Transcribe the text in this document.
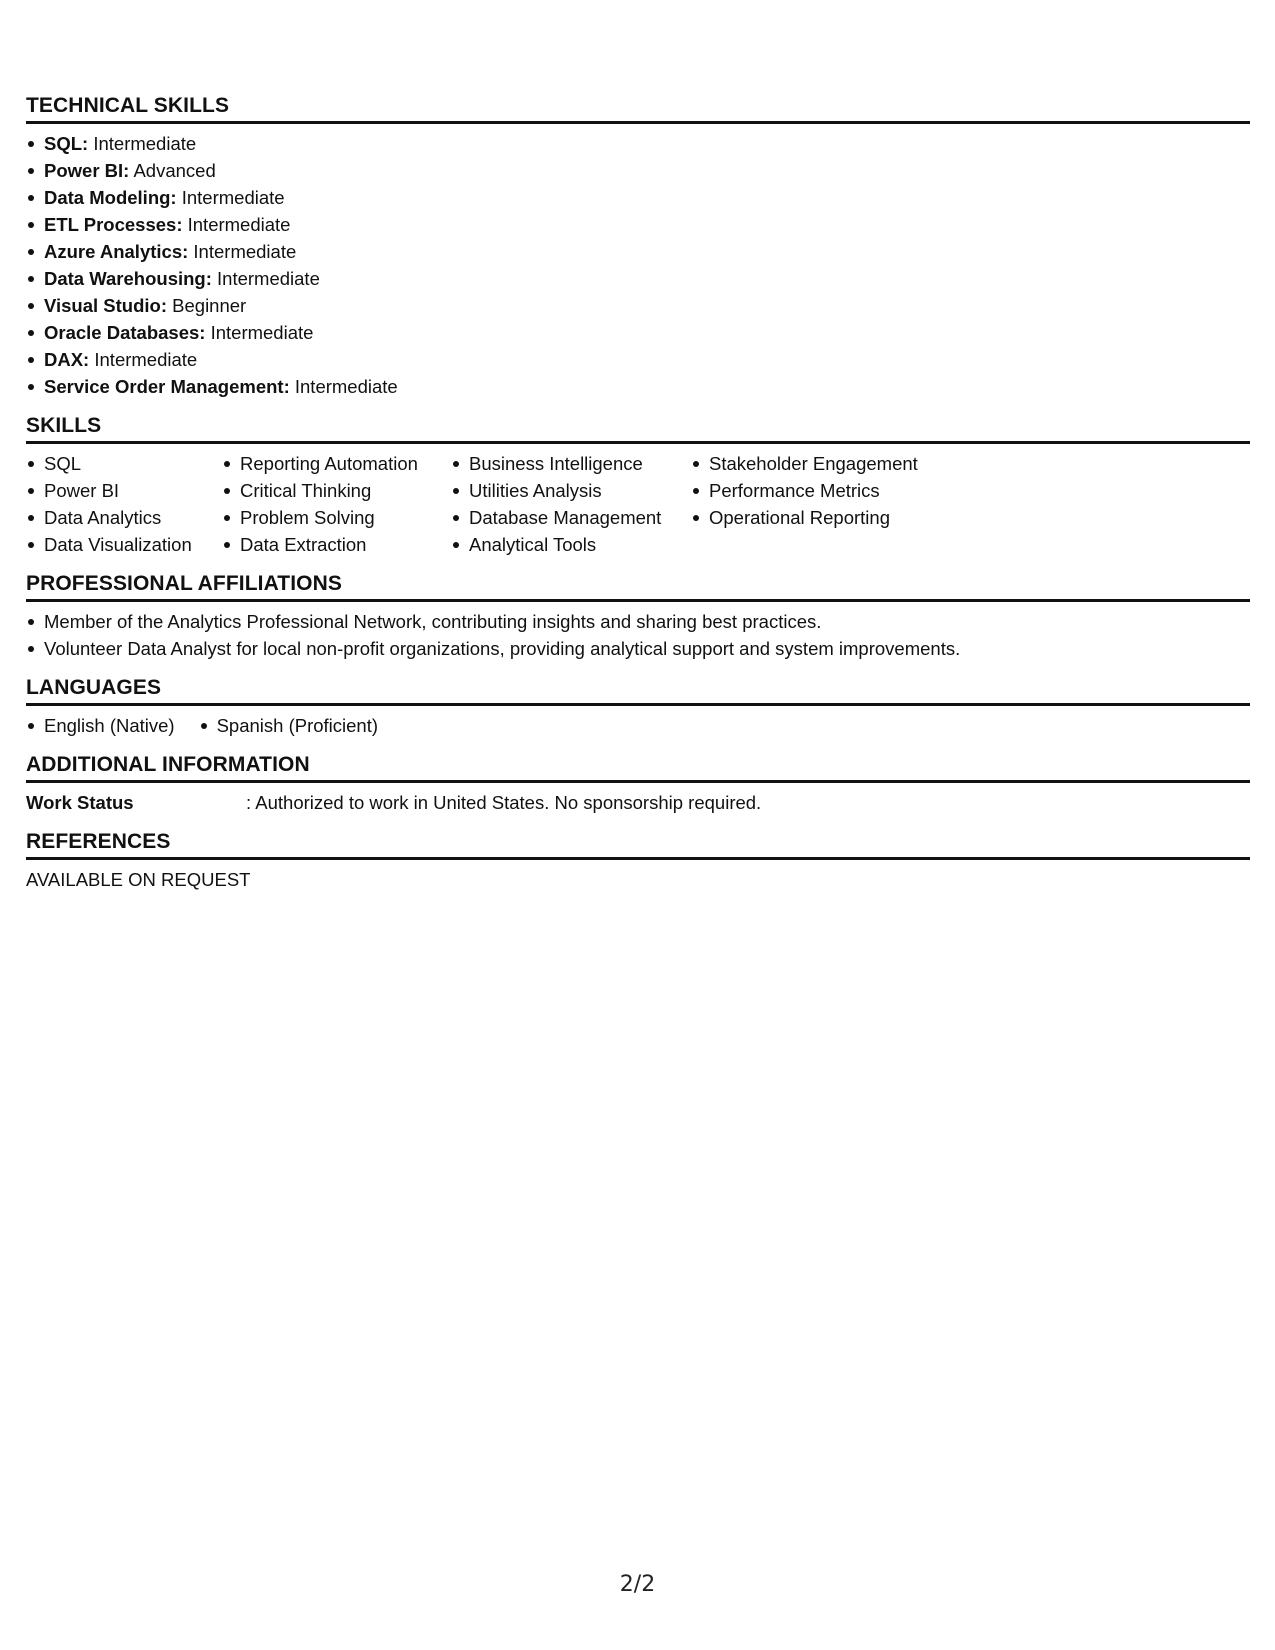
TECHNICAL SKILLS
SQL: Intermediate
Power BI: Advanced
Data Modeling: Intermediate
ETL Processes: Intermediate
Azure Analytics: Intermediate
Data Warehousing: Intermediate
Visual Studio: Beginner
Oracle Databases: Intermediate
DAX: Intermediate
Service Order Management: Intermediate
SKILLS
SQL
Power BI
Data Analytics
Data Visualization
Reporting Automation
Critical Thinking
Problem Solving
Data Extraction
Business Intelligence
Utilities Analysis
Database Management
Analytical Tools
Stakeholder Engagement
Performance Metrics
Operational Reporting
PROFESSIONAL AFFILIATIONS
Member of the Analytics Professional Network, contributing insights and sharing best practices.
Volunteer Data Analyst for local non-profit organizations, providing analytical support and system improvements.
LANGUAGES
English (Native)	Spanish (Proficient)
ADDITIONAL INFORMATION
Work Status	: Authorized to work in United States. No sponsorship required.
REFERENCES
AVAILABLE ON REQUEST
2/2
